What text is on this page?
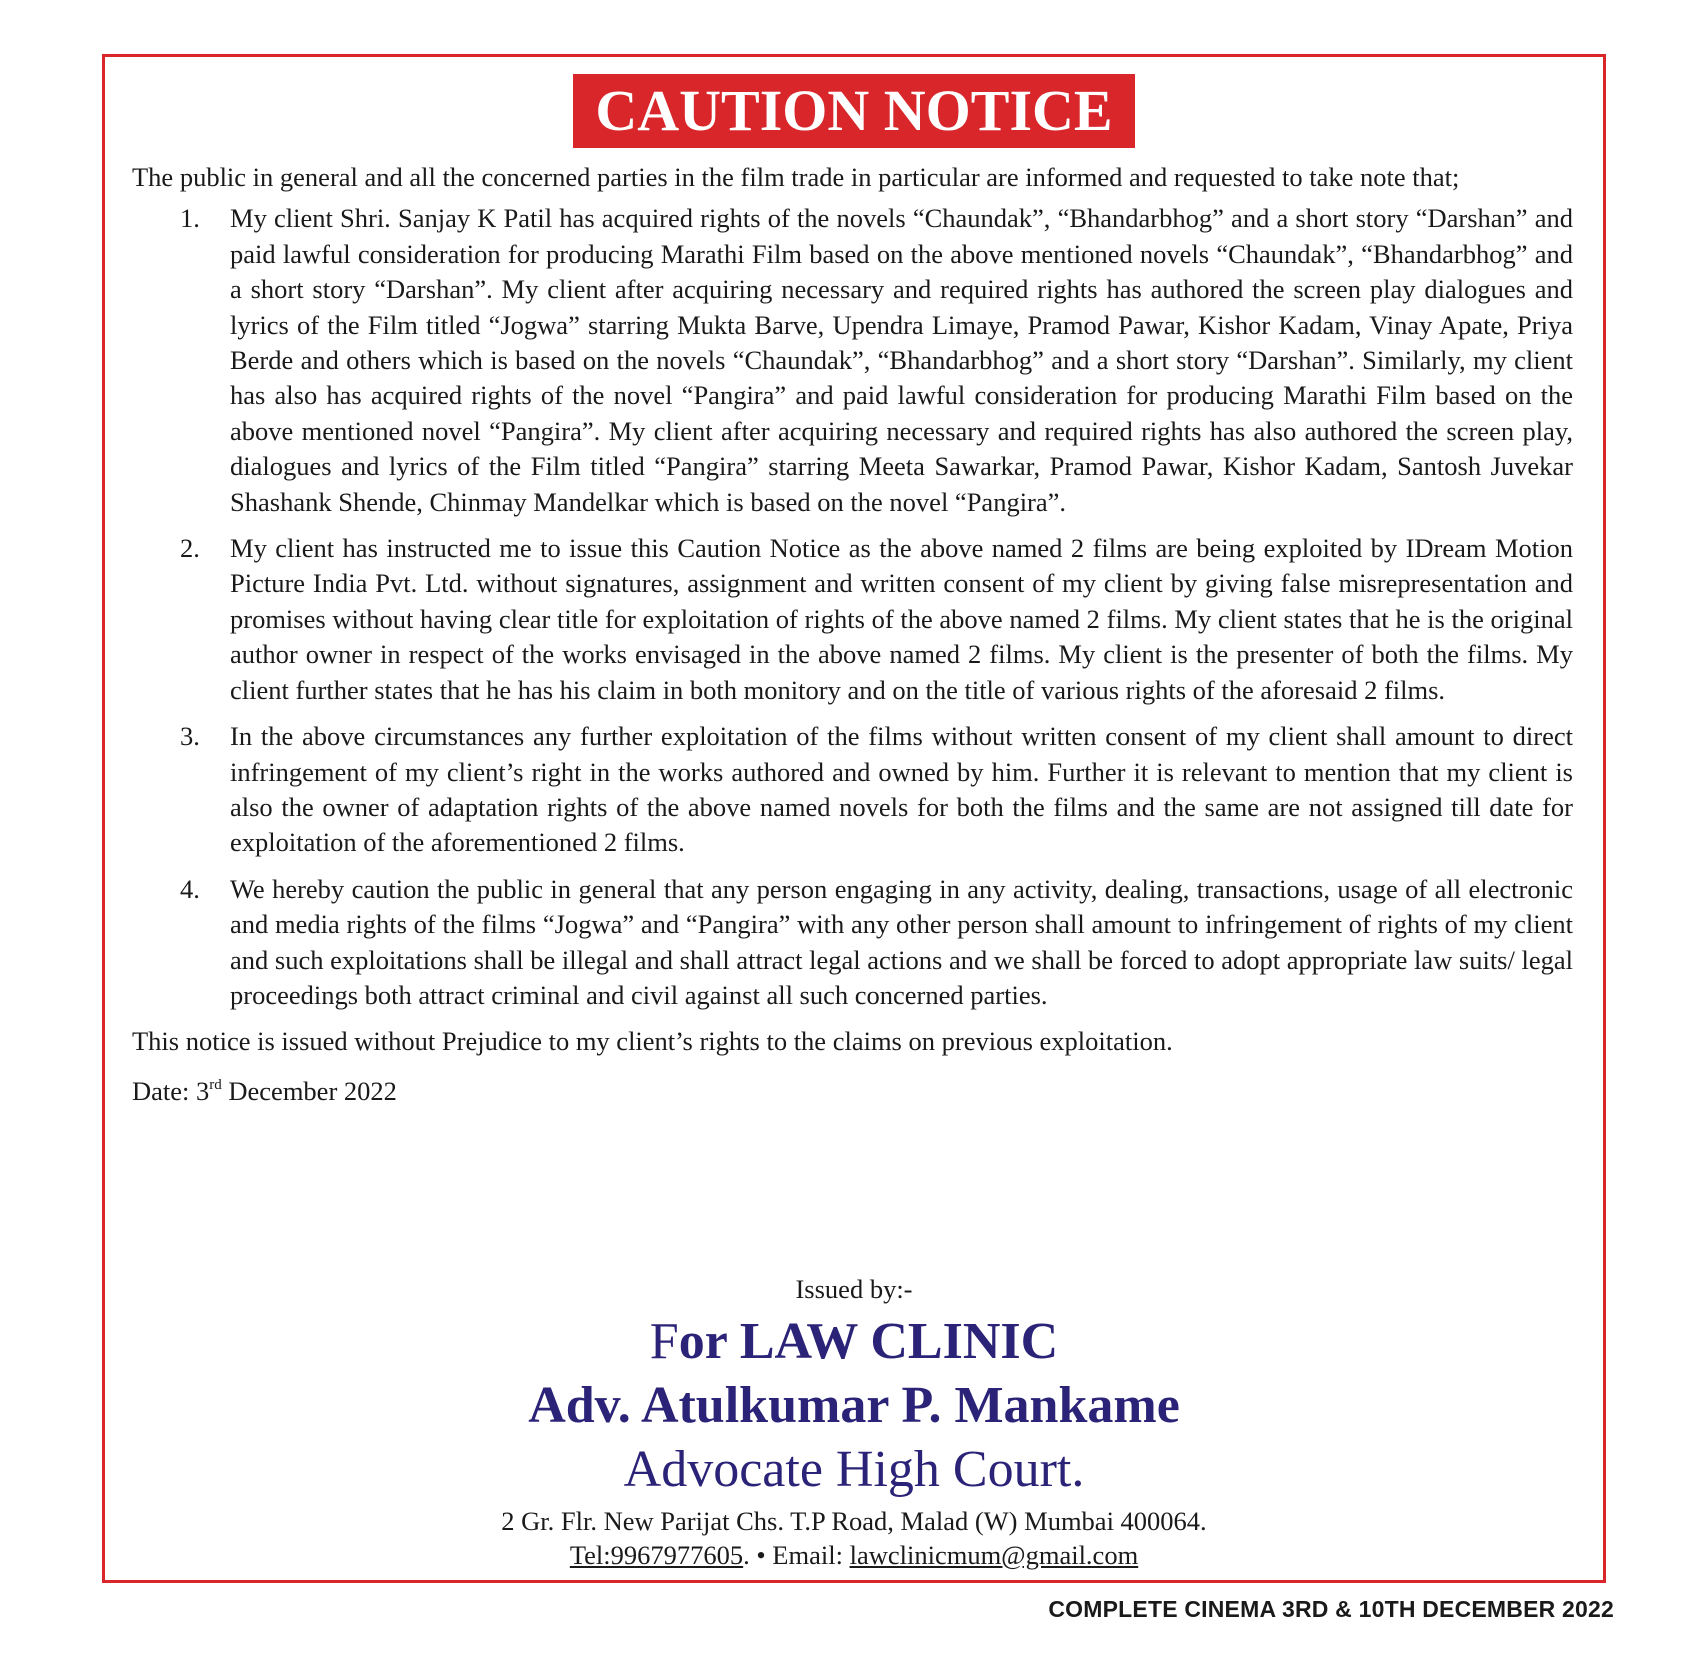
CAUTION NOTICE

The public in general and all the concerned parties in the film trade in particular are informed and requested to take note that;

1. My client Shri. Sanjay K Patil has acquired rights of the novels “Chaundak”, “Bhandarbhog” and a short story “Darshan” and paid lawful consideration for producing Marathi Film based on the above mentioned novels “Chaundak”, “Bhandarbhog” and a short story “Darshan”. My client after acquiring necessary and required rights has authored the screen play dialogues and lyrics of the Film titled “Jogwa” starring Mukta Barve, Upendra Limaye, Pramod Pawar, Kishor Kadam, Vinay Apate, Priya Berde and others which is based on the novels “Chaundak”, “Bhandarbhog” and a short story “Darshan”. Similarly, my client has also has acquired rights of the novel “Pangira” and paid lawful consideration for producing Marathi Film based on the above mentioned novel “Pangira”. My client after acquiring necessary and required rights has also authored the screen play, dialogues and lyrics of the Film titled “Pangira” starring Meeta Sawarkar, Pramod Pawar, Kishor Kadam, Santosh Juvekar Shashank Shende, Chinmay Mandelkar which is based on the novel “Pangira”.
2. My client has instructed me to issue this Caution Notice as the above named 2 films are being exploited by IDream Motion Picture India Pvt. Ltd. without signatures, assignment and written consent of my client by giving false misrepresentation and promises without having clear title for exploitation of rights of the above named 2 films. My client states that he is the original author owner in respect of the works envisaged in the above named 2 films. My client is the presenter of both the films. My client further states that he has his claim in both monitory and on the title of various rights of the aforesaid 2 films.
3. In the above circumstances any further exploitation of the films without written consent of my client shall amount to direct infringement of my client’s right in the works authored and owned by him. Further it is relevant to mention that my client is also the owner of adaptation rights of the above named novels for both the films and the same are not assigned till date for exploitation of the aforementioned 2 films.
4. We hereby caution the public in general that any person engaging in any activity, dealing, transactions, usage of all electronic and media rights of the films “Jogwa” and “Pangira” with any other person shall amount to infringement of rights of my client and such exploitations shall be illegal and shall attract legal actions and we shall be forced to adopt appropriate law suits/ legal proceedings both attract criminal and civil against all such concerned parties.

This notice is issued without Prejudice to my client’s rights to the claims on previous exploitation.

Date: 3rd December 2022

Issued by:-
For LAW CLINIC
Adv. Atulkumar P. Mankame
Advocate High Court.
2 Gr. Flr. New Parijat Chs. T.P Road, Malad (W) Mumbai 400064.
Tel:9967977605. • Email: lawclinicmum@gmail.com
COMPLETE CINEMA 3RD & 10TH DECEMBER 2022
